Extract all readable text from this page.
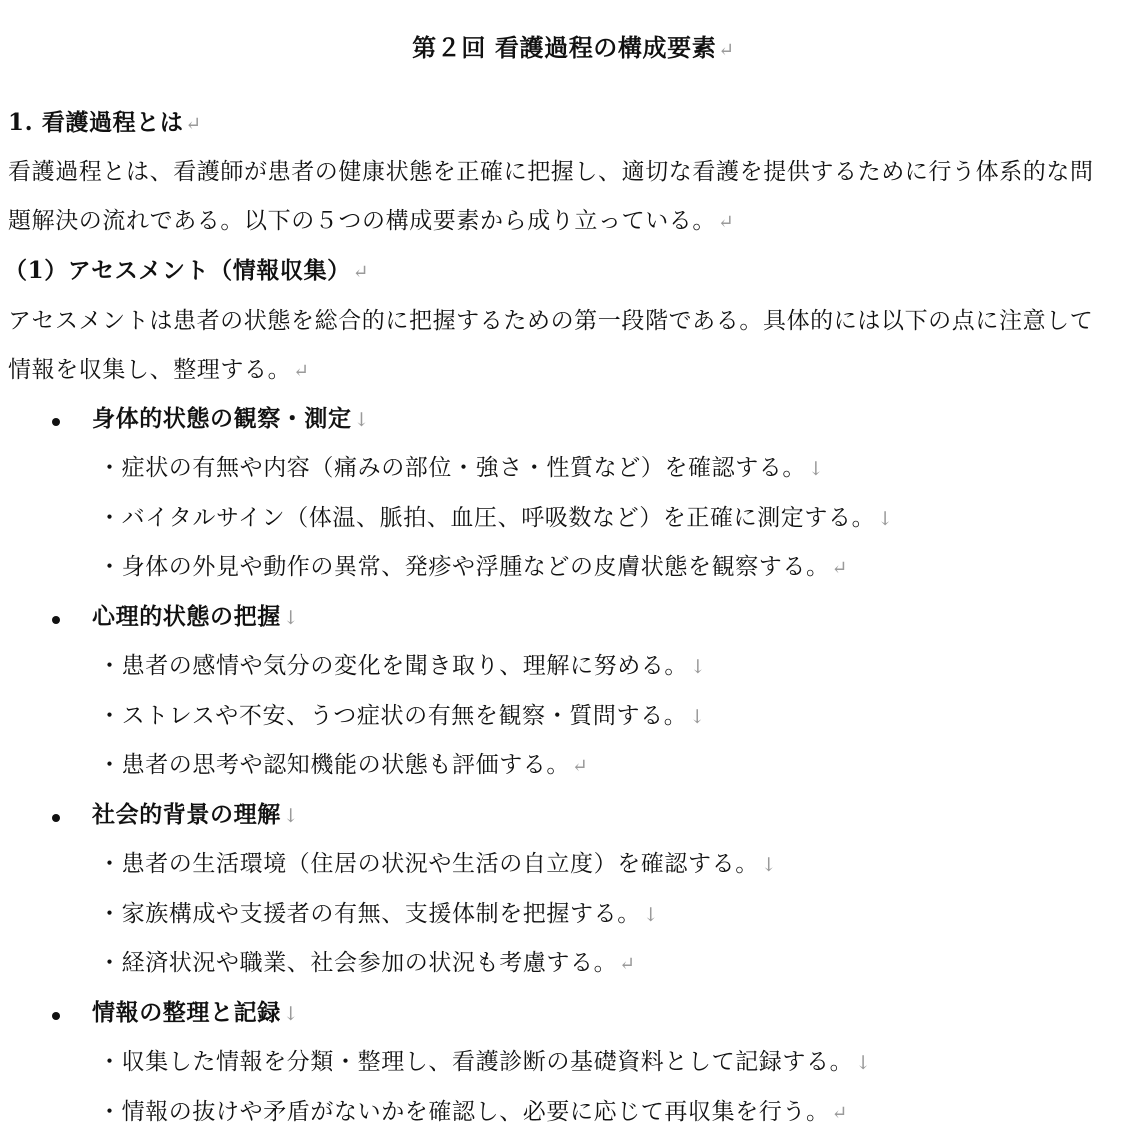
第２回 看護過程の構成要素 ↵
1. 看護過程とは ↵
看護過程とは、看護師が患者の健康状態を正確に把握し、適切な看護を提供するために行う体系的な問
題解決の流れである。以下の５つの構成要素から成り立っている。 ↵
（1）アセスメント（情報収集） ↵
アセスメントは患者の状態を総合的に把握するための第一段階である。具体的には以下の点に注意して
情報を収集し、整理する。 ↵
身体的状態の観察・測定 ↓
・症状の有無や内容（痛みの部位・強さ・性質など）を確認する。 ↓
・バイタルサイン（体温、脈拍、血圧、呼吸数など）を正確に測定する。 ↓
・身体の外見や動作の異常、発疹や浮腫などの皮膚状態を観察する。 ↵
心理的状態の把握 ↓
・患者の感情や気分の変化を聞き取り、理解に努める。 ↓
・ストレスや不安、うつ症状の有無を観察・質問する。 ↓
・患者の思考や認知機能の状態も評価する。 ↵
社会的背景の理解 ↓
・患者の生活環境（住居の状況や生活の自立度）を確認する。 ↓
・家族構成や支援者の有無、支援体制を把握する。 ↓
・経済状況や職業、社会参加の状況も考慮する。 ↵
情報の整理と記録 ↓
・収集した情報を分類・整理し、看護診断の基礎資料として記録する。 ↓
・情報の抜けや矛盾がないかを確認し、必要に応じて再収集を行う。 ↵
